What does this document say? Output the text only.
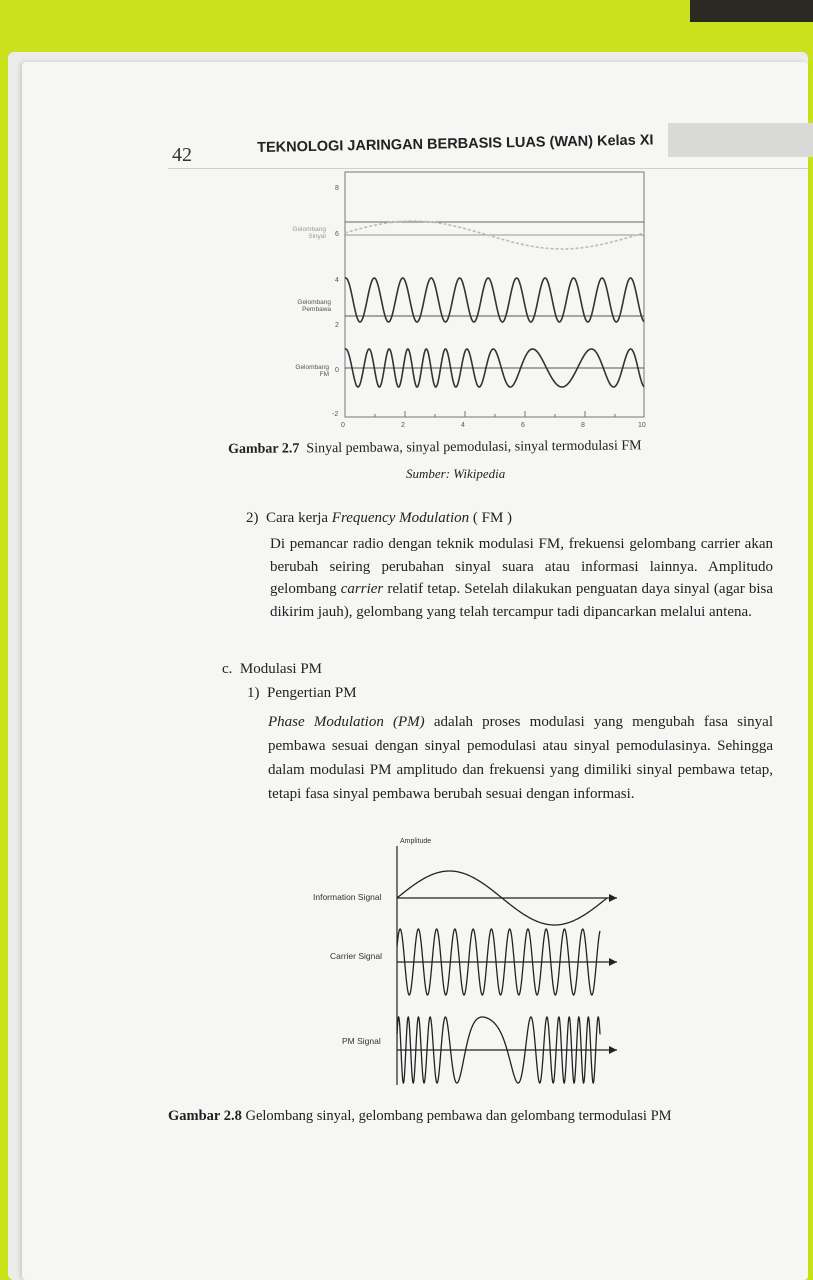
42	TEKNOLOGI JARINGAN BERBASIS LUAS (WAN) Kelas XI
8
6
4
2
0
-2
0	2	4	6	8	10
Gelombang Sinyal
Gelombang Pembawa
Gelombang FM
Gambar 2.7 Sinyal pembawa, sinyal pemodulasi, sinyal termodulasi FM
Sumber: Wikipedia
2) Cara kerja Frequency Modulation ( FM )

Di pemancar radio dengan teknik modulasi FM, frekuensi gelombang carrier akan berubah seiring perubahan sinyal suara atau informasi lainnya. Amplitudo gelombang carrier relatif tetap. Setelah dilakukan penguatan daya sinyal (agar bisa dikirim jauh), gelombang yang telah tercampur tadi dipancarkan melalui antena.

c. Modulasi PM
1) Pengertian PM

Phase Modulation (PM) adalah proses modulasi yang mengubah fasa sinyal pembawa sesuai dengan sinyal pemodulasi atau sinyal pemodulasinya. Sehingga dalam modulasi PM amplitudo dan frekuensi yang dimiliki sinyal pembawa tetap, tetapi fasa sinyal pembawa berubah sesuai dengan informasi.

Amplitude
Information Signal
Carrier Signal
PM Signal
Gambar 2.8 Gelombang sinyal, gelombang pembawa dan gelombang termodulasi PM
